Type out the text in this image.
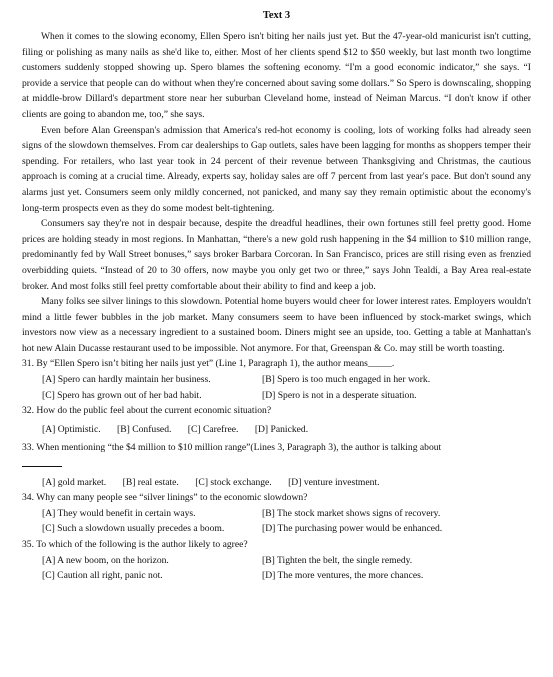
Text 3

When it comes to the slowing economy, Ellen Spero isn't biting her nails just yet. But the 47-year-old manicurist isn't cutting, filing or polishing as many nails as she'd like to, either. Most of her clients spend $12 to $50 weekly, but last month two longtime customers suddenly stopped showing up. Spero blames the softening economy. “I'm a good economic indicator,” she says. “I provide a service that people can do without when they're concerned about saving some dollars.” So Spero is downscaling, shopping at middle-brow Dillard's department store near her suburban Cleveland home, instead of Neiman Marcus. “I don't know if other clients are going to abandon me, too,” she says.

Even before Alan Greenspan's admission that America's red-hot economy is cooling, lots of working folks had already seen signs of the slowdown themselves. From car dealerships to Gap outlets, sales have been lagging for months as shoppers temper their spending. For retailers, who last year took in 24 percent of their revenue between Thanksgiving and Christmas, the cautious approach is coming at a crucial time. Already, experts say, holiday sales are off 7 percent from last year's pace. But don't sound any alarms just yet. Consumers seem only mildly concerned, not panicked, and many say they remain optimistic about the economy's long-term prospects even as they do some modest belt-tightening.

Consumers say they're not in despair because, despite the dreadful headlines, their own fortunes still feel pretty good. Home prices are holding steady in most regions. In Manhattan, “there's a new gold rush happening in the $4 million to $10 million range, predominantly fed by Wall Street bonuses,” says broker Barbara Corcoran. In San Francisco, prices are still rising even as frenzied overbidding quiets. “Instead of 20 to 30 offers, now maybe you only get two or three,” says John Tealdi, a Bay Area real-estate broker. And most folks still feel pretty comfortable about their ability to find and keep a job.

Many folks see silver linings to this slowdown. Potential home buyers would cheer for lower interest rates. Employers wouldn't mind a little fewer bubbles in the job market. Many consumers seem to have been influenced by stock-market swings, which investors now view as a necessary ingredient to a sustained boom. Diners might see an upside, too. Getting a table at Manhattan's hot new Alain Ducasse restaurant used to be impossible. Not anymore. For that, Greenspan & Co. may still be worth toasting.

31. By “Ellen Spero isn’t biting her nails just yet” (Line 1, Paragraph 1), the author means_____.

[A] Spero can hardly maintain her business.	[B] Spero is too much engaged in her work.
[C] Spero has grown out of her bad habit.	[D] Spero is not in a desperate situation.

32. How do the public feel about the current economic situation?

[A] Optimistic. [B] Confused. [C] Carefree. [D] Panicked.

33. When mentioning “the $4 million to $10 million range”(Lines 3, Paragraph 3), the author is talking about

[A] gold market. [B] real estate. [C] stock exchange. [D] venture investment.

34. Why can many people see “silver linings” to the economic slowdown?

[A] They would benefit in certain ways.	[B] The stock market shows signs of recovery.
[C] Such a slowdown usually precedes a boom.	[D] The purchasing power would be enhanced.

35. To which of the following is the author likely to agree?

[A] A new boom, on the horizon.	[B] Tighten the belt, the single remedy.
[C] Caution all right, panic not.	[D] The more ventures, the more chances.
